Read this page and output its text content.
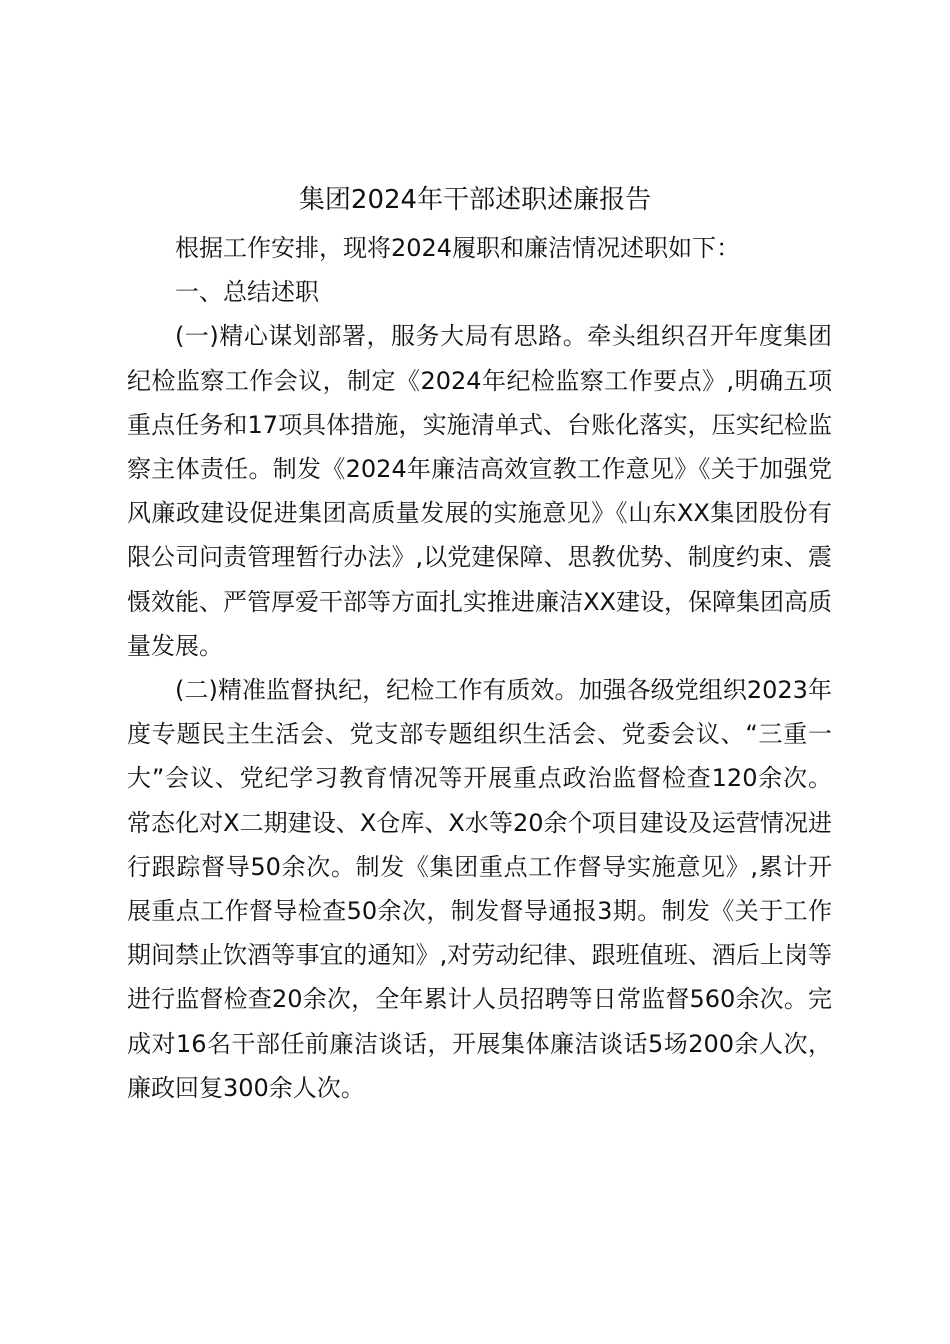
集团2024年干部述职述廉报告

根据工作安排，现将2024履职和廉洁情况述职如下：

一、总结述职

(一)精心谋划部署，服务大局有思路。牵头组织召开年度集团纪检监察工作会议，制定《2024年纪检监察工作要点》,明确五项重点任务和17项具体措施，实施清单式、台账化落实，压实纪检监察主体责任。制发《2024年廉洁高效宣教工作意见》《关于加强党风廉政建设促进集团高质量发展的实施意见》《山东XX集团股份有限公司问责管理暂行办法》,以党建保障、思教优势、制度约束、震慑效能、严管厚爱干部等方面扎实推进廉洁XX建设，保障集团高质量发展。

(二)精准监督执纪，纪检工作有质效。加强各级党组织2023年度专题民主生活会、党支部专题组织生活会、党委会议、“三重一大”会议、党纪学习教育情况等开展重点政治监督检查120余次。常态化对X二期建设、X仓库、X水等20余个项目建设及运营情况进行跟踪督导50余次。制发《集团重点工作督导实施意见》,累计开展重点工作督导检查50余次，制发督导通报3期。制发《关于工作期间禁止饮酒等事宜的通知》,对劳动纪律、跟班值班、酒后上岗等进行监督检查20余次，全年累计人员招聘等日常监督560余次。完成对16名干部任前廉洁谈话，开展集体廉洁谈话5场200余人次，廉政回复300余人次。
